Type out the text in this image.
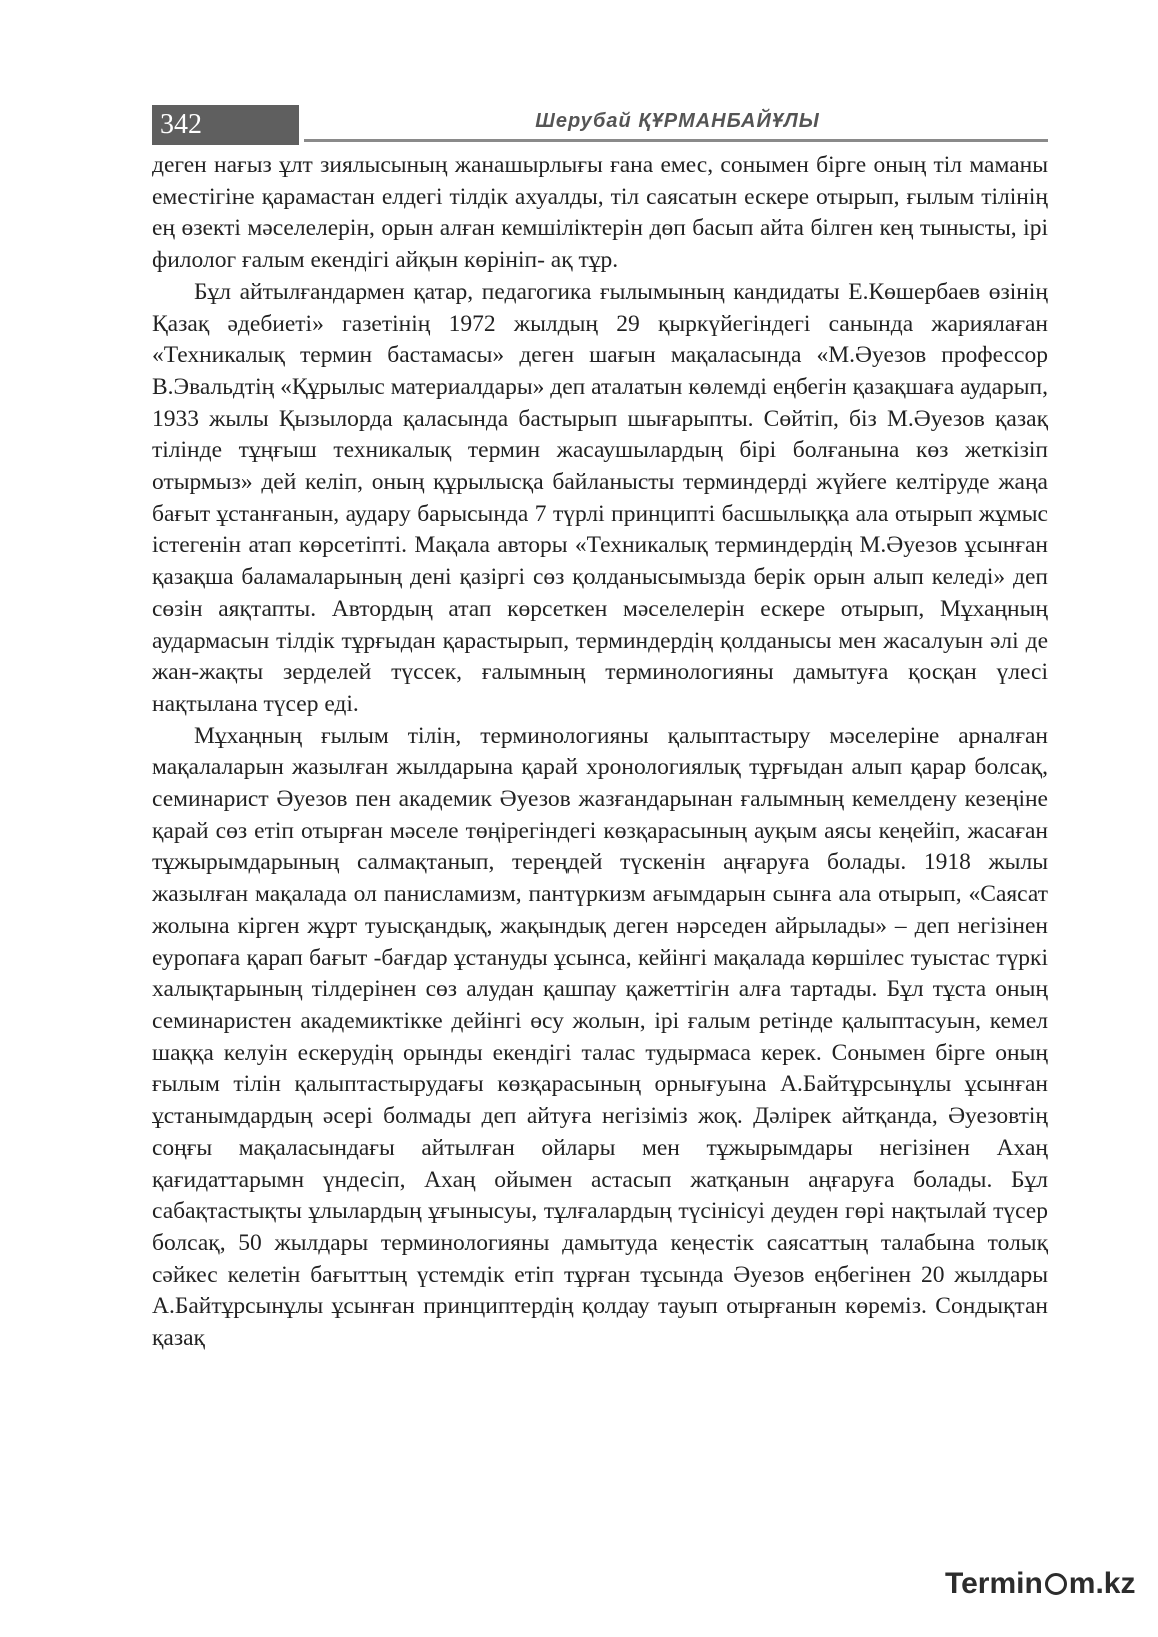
342	Шерубай ҚҰРМАНБАЙҰЛЫ

деген нағыз ұлт зиялысының жанашырлығы ғана емес, сонымен бірге оның тіл маманы еместігіне қарамастан елдегі тілдік ахуалды, тіл саясатын ескере отырып, ғылым тілінің ең өзекті мәселелерін, орын алған кемшіліктерін дөп басып айта білген кең тынысты, ірі филолог ғалым екендігі айқын көрініп- ақ тұр.

Бұл айтылғандармен қатар, педагогика ғылымының кандидаты Е.Көшербаев өзінің Қазақ әдебиеті» газетінің 1972 жылдың 29 қыркүйегіндегі санында жариялаған «Техникалық термин бастамасы» деген шағын мақаласында «М.Әуезов профессор В.Эвальдтің «Құрылыс материалдары» деп аталатын көлемді еңбегін қазақшаға аударып, 1933 жылы Қызылорда қаласында бастырып шығарыпты. Сөйтіп, біз М.Әуезов қазақ тілінде тұңғыш техникалық термин жасаушылардың бірі болғанына көз жеткізіп отырмыз» дей келіп, оның құрылысқа байланысты терминдерді жүйеге келтіруде жаңа бағыт ұстанғанын, аудару барысында 7 түрлі принципті басшылыққа ала отырып жұмыс істегенін атап көрсетіпті. Мақала авторы «Техникалық терминдердің М.Әуезов ұсынған қазақша баламаларының дені қазіргі сөз қолданысымызда берік орын алып келеді» деп сөзін аяқтапты. Автордың атап көрсеткен мәселелерін ескере отырып, Мұхаңның аудармасын тілдік тұрғыдан қарастырып, терминдердің қолданысы мен жасалуын әлі де жан-жақты зерделей түссек, ғалымның терминологияны дамытуға қосқан үлесі нақтылана түсер еді.

Мұхаңның ғылым тілін, терминологияны қалыптастыру мәселеріне арналған мақалаларын жазылған жылдарына қарай хронологиялық тұрғыдан алып қарар болсақ, семинарист Әуезов пен академик Әуезов жазғандарынан ғалымның кемелдену кезеңіне қарай сөз етіп отырған мәселе төңірегіндегі көзқарасының ауқым аясы кеңейіп, жасаған тұжырымдарының салмақтанып, тереңдей түскенін аңғаруға болады. 1918 жылы жазылған мақалада ол панисламизм, пантүркизм ағымдарын сынға ала отырып, «Саясат жолына кірген жұрт туысқандық, жақындық деген нәрседен айрылады» – деп негізінен еуропаға қарап бағыт -бағдар ұстануды ұсынса, кейінгі мақалада көршілес туыстас түркі халықтарының тілдерінен сөз алудан қашпау қажеттігін алға тартады. Бұл тұста оның семинаристен академиктікке дейінгі өсу жолын, ірі ғалым ретінде қалыптасуын, кемел шаққа келуін ескерудің орынды екендігі талас тудырмаса керек. Сонымен бірге оның ғылым тілін қалыптастырудағы көзқарасының орнығуына А.Байтұрсынұлы ұсынған ұстанымдардың әсері болмады деп айтуға негізіміз жоқ. Дәлірек айтқанда, Әуезовтің соңғы мақаласындағы айтылған ойлары мен тұжырымдары негізінен Ахаң қағидаттарымн үндесіп, Ахаң ойымен астасып жатқанын аңғаруға болады. Бұл сабақтастықты ұлылардың ұғынысуы, тұлғалардың түсінісуі деуден гөрі нақтылай түсер болсақ, 50 жылдары терминологияны дамытуда кеңестік саясаттың талабына толық сәйкес келетін бағыттың үстемдік етіп тұрған тұсында Әуезов еңбегінен 20 жылдары А.Байтұрсынұлы ұсынған принциптердің қолдау тауып отырғанын көреміз. Сондықтан қазақ

Termin m.kz
